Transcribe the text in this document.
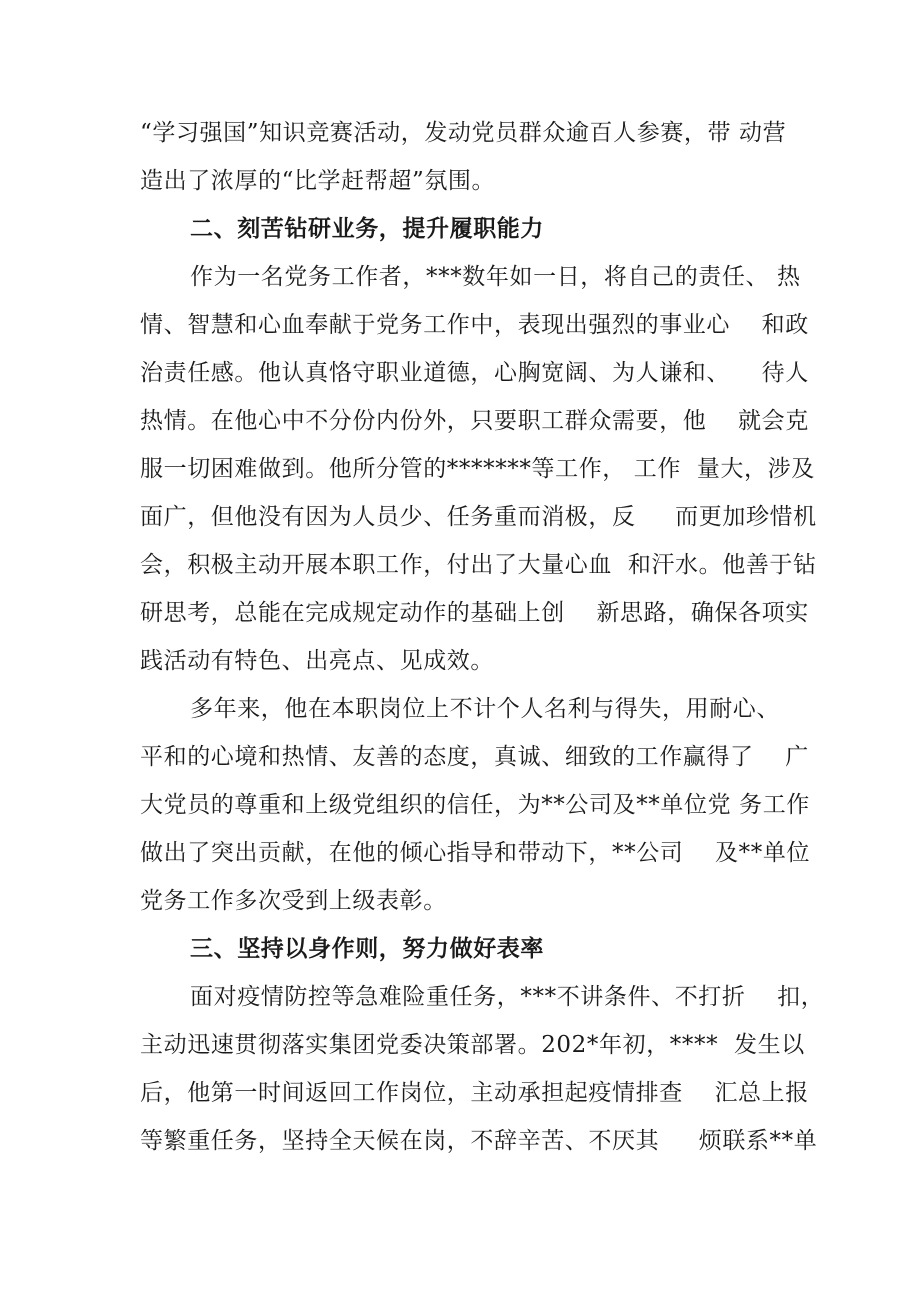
“学习强国”知识竞赛活动，发动党员群众逾百人参赛，带 动营
造出了浓厚的“比学赶帮超”氛围。
二、刻苦钻研业务，提升履职能力
作为一名党务工作者，***数年如一日，将自己的责任、 热
情、智慧和心血奉献于党务工作中，表现出强烈的事业心    和政
治责任感。他认真恪守职业道德，心胸宽阔、为人谦和、    待人
热情。在他心中不分份内份外，只要职工群众需要，他    就会克
服一切困难做到。他所分管的*******等工作， 工作  量大，涉及
面广，但他没有因为人员少、任务重而消极，反     而更加珍惜机
会，积极主动开展本职工作，付出了大量心血  和汗水。他善于钻
研思考，总能在完成规定动作的基础上创    新思路，确保各项实
践活动有特色、出亮点、见成效。
多年来，他在本职岗位上不计个人名利与得失，用耐心、
平和的心境和热情、友善的态度，真诚、细致的工作赢得了    广
大党员的尊重和上级党组织的信任，为**公司及**单位党 务工作
做出了突出贡献，在他的倾心指导和带动下，**公司    及**单位
党务工作多次受到上级表彰。
三、坚持以身作则，努力做好表率
面对疫情防控等急难险重任务，***不讲条件、不打折    扣，
主动迅速贯彻落实集团党委决策部署。202*年初，****  发生以
后，他第一时间返回工作岗位，主动承担起疫情排查    汇总上报
等繁重任务，坚持全天候在岗，不辞辛苦、不厌其     烦联系**单
